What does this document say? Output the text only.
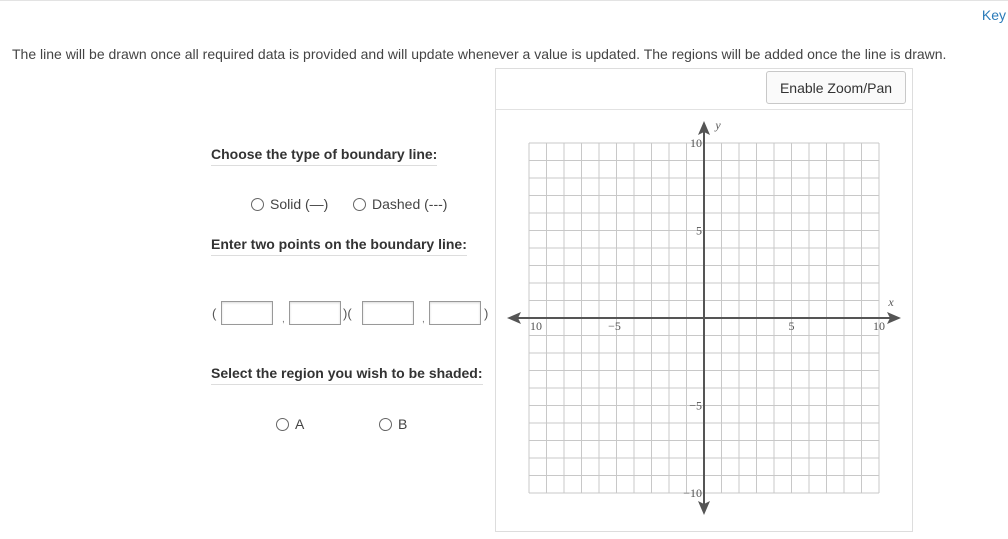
Key
The line will be drawn once all required data is provided and will update whenever a value is updated. The regions will be added once the line is drawn.
Choose the type of boundary line:
Solid (—)	Dashed (---)
Enter two points on the boundary line:
(	,	)(	,	)
Select the region you wish to be shaded:
A	B
Enable Zoom/Pan
10	−5	5	10
10
5
−5
−10
x
y
